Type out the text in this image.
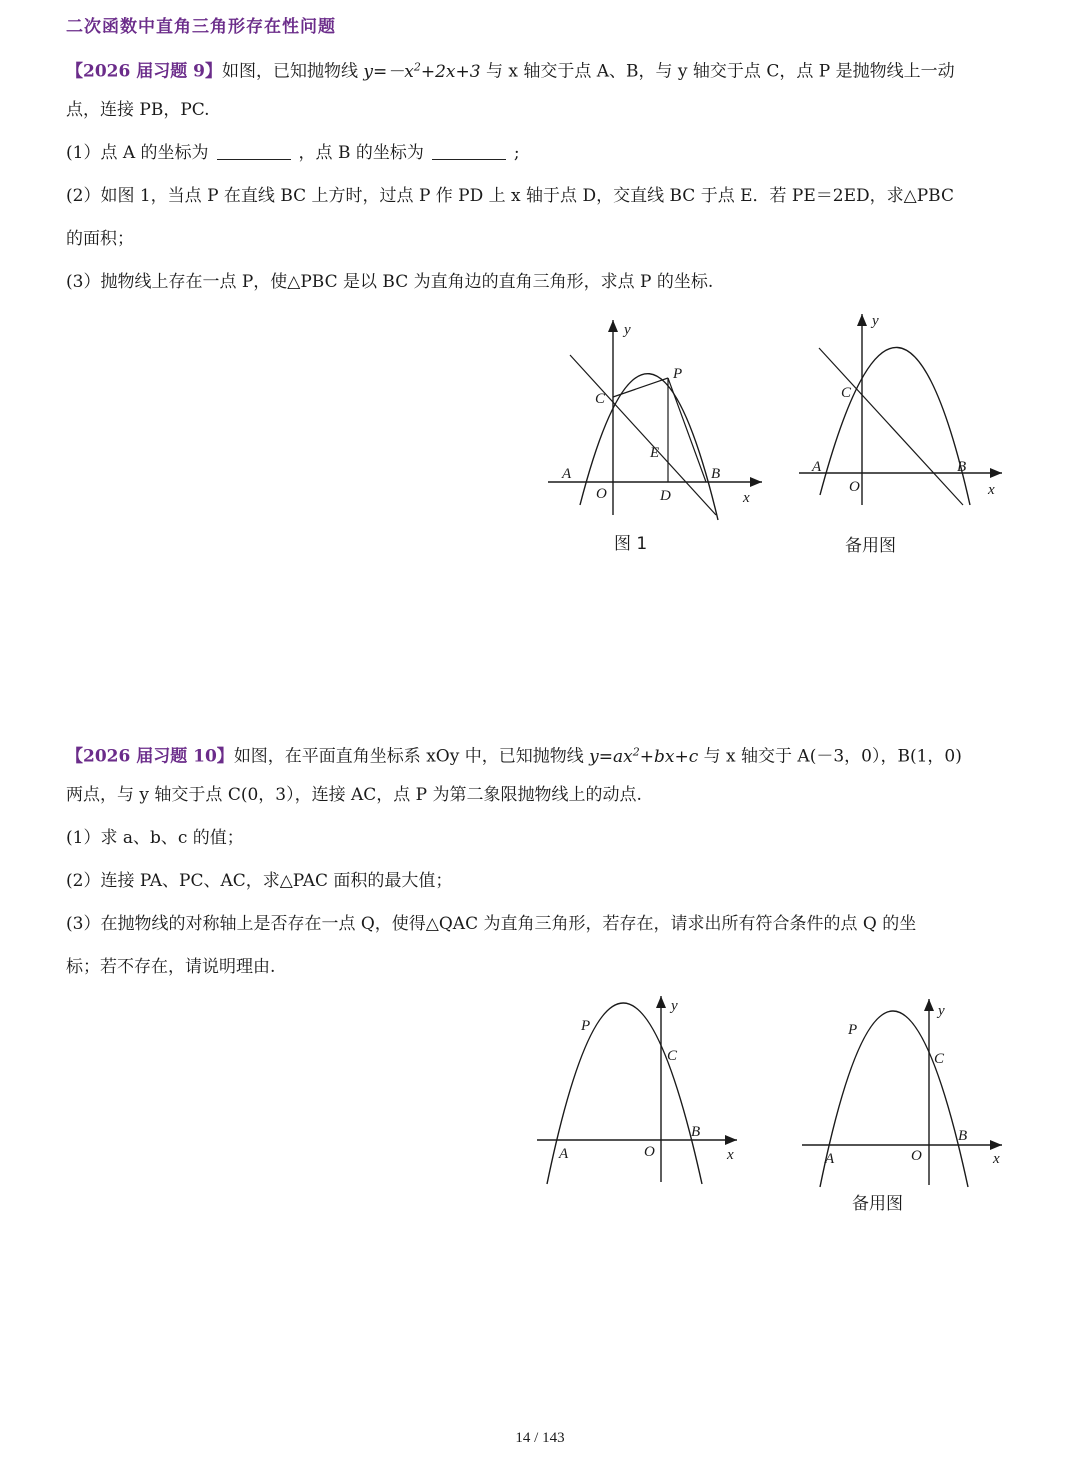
二次函数中直角三角形存在性问题
【2026 届习题 9】如图，已知抛物线 $y=-x^2+2x+3$ 与 x 轴交于点 A、B，与 y 轴交于点 C，点 P 是抛物线上一动
点，连接 PB，PC.
(1）点 A 的坐标为	，点 B 的坐标为	;
(2）如图 1，当点 P 在直线 BC 上方时，过点 P 作 PD 上 x 轴于点 D，交直线 BC 于点 E．若 PE＝2ED，求△PBC
的面积；
(3）抛物线上存在一点 P，使△PBC 是以 BC 为直角边的直角三角形，求点 P 的坐标.
y
x
C
P
E
A
O	D
B
图 1
y
x
C
A
O
B
备用图
【2026 届习题 10】如图，在平面直角坐标系 xOy 中，已知抛物线 $y=ax^2+bx+c$ 与 x 轴交于 A(－3，0），B(1，0)
两点，与 y 轴交于点 C(0，3），连接 AC，点 P 为第二象限抛物线上的动点.
(1）求 a、b、c 的值；
(2）连接 PA、PC、AC，求△PAC 面积的最大值；
(3）在抛物线的对称轴上是否存在一点 Q，使得△QAC 为直角三角形，若存在，请求出所有符合条件的点 Q 的坐
标；若不存在，请说明理由.
y
x
P
C
B
A	O
y
x
P
C
B
A	O
备用图
14 / 143
